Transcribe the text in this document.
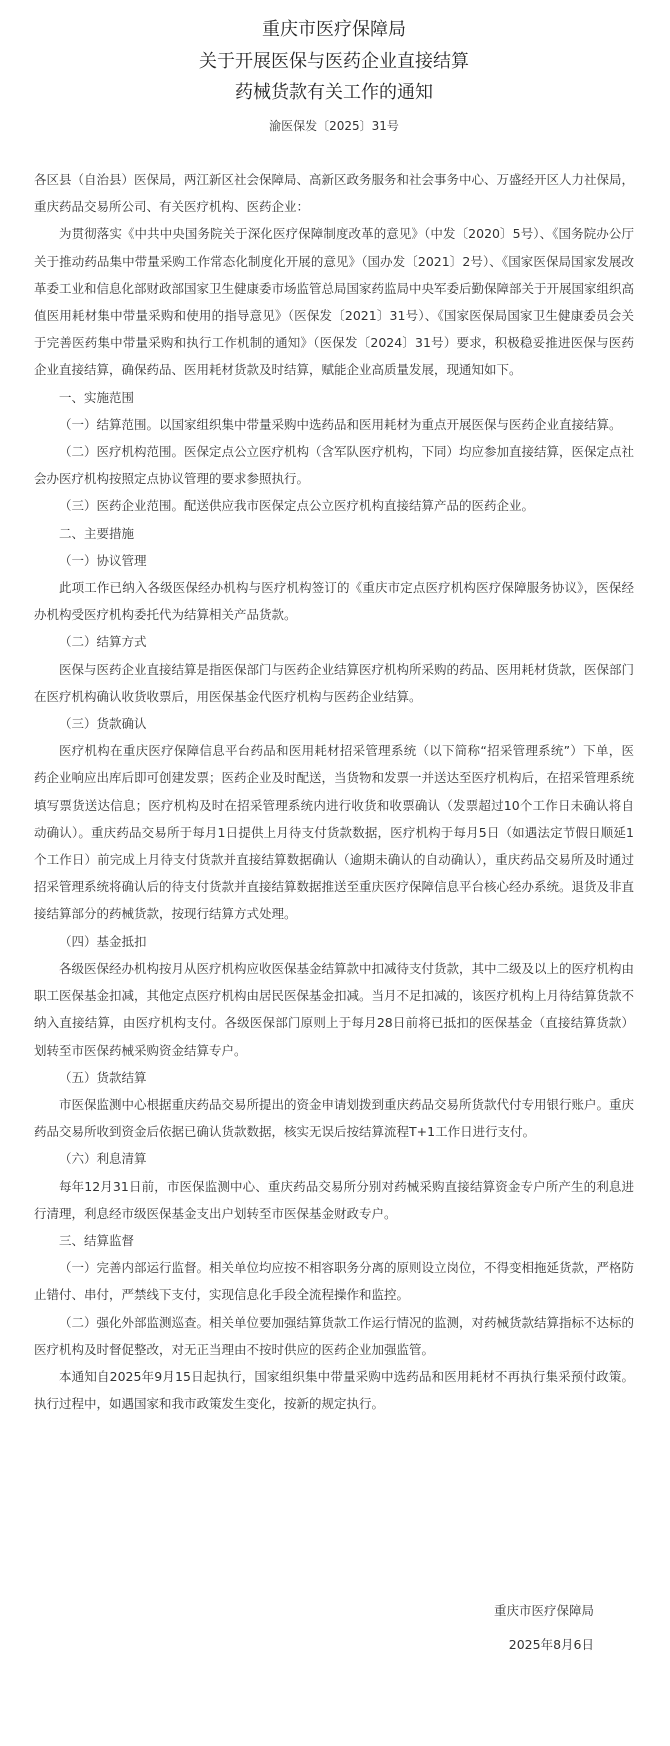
重庆市医疗保障局
关于开展医保与医药企业直接结算
药械货款有关工作的通知
渝医保发〔2025〕31号

各区县（自治县）医保局，两江新区社会保障局、高新区政务服务和社会事务中心、万盛经开区人力社保局，重庆药品交易所公司、有关医疗机构、医药企业：

为贯彻落实《中共中央国务院关于深化医疗保障制度改革的意见》（中发〔2020〕5号）、《国务院办公厅关于推动药品集中带量采购工作常态化制度化开展的意见》（国办发〔2021〕2号）、《国家医保局国家发展改革委工业和信息化部财政部国家卫生健康委市场监管总局国家药监局中央军委后勤保障部关于开展国家组织高值医用耗材集中带量采购和使用的指导意见》（医保发〔2021〕31号）、《国家医保局国家卫生健康委员会关于完善医药集中带量采购和执行工作机制的通知》（医保发〔2024〕31号）要求，积极稳妥推进医保与医药企业直接结算，确保药品、医用耗材货款及时结算，赋能企业高质量发展，现通知如下。

一、实施范围

（一）结算范围。以国家组织集中带量采购中选药品和医用耗材为重点开展医保与医药企业直接结算。

（二）医疗机构范围。医保定点公立医疗机构（含军队医疗机构，下同）均应参加直接结算，医保定点社会办医疗机构按照定点协议管理的要求参照执行。

（三）医药企业范围。配送供应我市医保定点公立医疗机构直接结算产品的医药企业。

二、主要措施

（一）协议管理

此项工作已纳入各级医保经办机构与医疗机构签订的《重庆市定点医疗机构医疗保障服务协议》，医保经办机构受医疗机构委托代为结算相关产品货款。

（二）结算方式

医保与医药企业直接结算是指医保部门与医药企业结算医疗机构所采购的药品、医用耗材货款，医保部门在医疗机构确认收货收票后，用医保基金代医疗机构与医药企业结算。

（三）货款确认

医疗机构在重庆医疗保障信息平台药品和医用耗材招采管理系统（以下简称“招采管理系统”）下单，医药企业响应出库后即可创建发票；医药企业及时配送，当货物和发票一并送达至医疗机构后，在招采管理系统填写票货送达信息；医疗机构及时在招采管理系统内进行收货和收票确认（发票超过10个工作日未确认将自动确认）。重庆药品交易所于每月1日提供上月待支付货款数据，医疗机构于每月5日（如遇法定节假日顺延1个工作日）前完成上月待支付货款并直接结算数据确认（逾期未确认的自动确认），重庆药品交易所及时通过招采管理系统将确认后的待支付货款并直接结算数据推送至重庆医疗保障信息平台核心经办系统。退货及非直接结算部分的药械货款，按现行结算方式处理。

（四）基金抵扣

各级医保经办机构按月从医疗机构应收医保基金结算款中扣减待支付货款，其中二级及以上的医疗机构由职工医保基金扣减，其他定点医疗机构由居民医保基金扣减。当月不足扣减的，该医疗机构上月待结算货款不纳入直接结算，由医疗机构支付。各级医保部门原则上于每月28日前将已抵扣的医保基金（直接结算货款）划转至市医保药械采购资金结算专户。

（五）货款结算

市医保监测中心根据重庆药品交易所提出的资金申请划拨到重庆药品交易所货款代付专用银行账户。重庆药品交易所收到资金后依据已确认货款数据，核实无误后按结算流程T+1工作日进行支付。

（六）利息清算

每年12月31日前，市医保监测中心、重庆药品交易所分别对药械采购直接结算资金专户所产生的利息进行清理，利息经市级医保基金支出户划转至市医保基金财政专户。

三、结算监督

（一）完善内部运行监督。相关单位均应按不相容职务分离的原则设立岗位，不得变相拖延货款，严格防止错付、串付，严禁线下支付，实现信息化手段全流程操作和监控。

（二）强化外部监测巡查。相关单位要加强结算货款工作运行情况的监测，对药械货款结算指标不达标的医疗机构及时督促整改，对无正当理由不按时供应的医药企业加强监管。

本通知自2025年9月15日起执行，国家组织集中带量采购中选药品和医用耗材不再执行集采预付政策。执行过程中，如遇国家和我市政策发生变化，按新的规定执行。

重庆市医疗保障局
2025年8月6日
